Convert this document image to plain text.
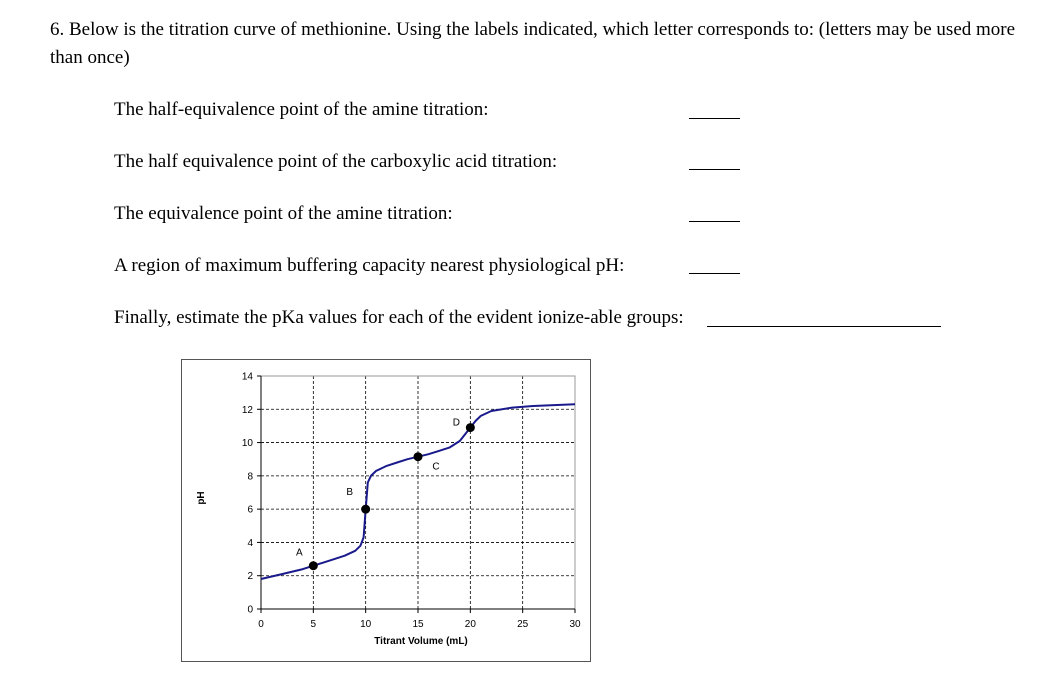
6. Below is the titration curve of methionine. Using the labels indicated, which letter corresponds to: (letters may be used more than once)
The half-equivalence point of the amine titration:
The half equivalence point of the carboxylic acid titration:
The equivalence point of the amine titration:
A region of maximum buffering capacity nearest physiological pH:
Finally, estimate the pKa values for each of the evident ionize-able groups:
0
2
4
6
8
10
12
14
0	5	10	15	20	25	30
A
B
C
D
Titrant Volume (mL)
pH
